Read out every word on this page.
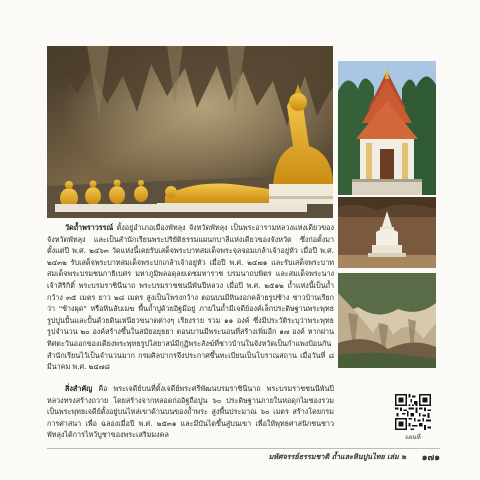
วัดถ้ำพราวรรณ์ ตั้งอยู่อำเภอเมืองพัทลุง จังหวัดพัทลุง เป็นพระอารามหลวงแห่งเดียวของจังหวัดพัทลุง และเป็นสำนักเรียนพระปริยัติธรรมแผนกบาลีแห่งเดียวของจังหวัด ซึ่งก่อตั้งมาตั้งแต่ปี พ.ศ. ๒๔๖๓ วัดแห่งนี้เคยรับเสด็จพระบาทสมเด็จพระจุลจอมเกล้าเจ้าอยู่หัว เมื่อปี พ.ศ. ๒๔๓๒ รับเสด็จพระบาทสมเด็จพระปกเกล้าเจ้าอยู่หัว เมื่อปี พ.ศ. ๒๔๗๑ และรับเสด็จพระบาทสมเด็จพระบรมชนกาธิเบศร มหาภูมิพลอดุลยเดชมหาราช บรมนาถบพิตร และสมเด็จพระนางเจ้าสิริกิติ์ พระบรมราชินีนาถ พระบรมราชชนนีพันปีหลวง เมื่อปี พ.ศ. ๒๕๑๒ ถ้ำแห่งนี้เป็นถ้ำกว้าง ๓๕ เมตร ยาว ๒๘ เมตร สูงเป็นโพรงกว้าง ตอนบนมีหินงอกคล้ายรูปช้าง ชาวบ้านเรียกว่า "ช้างผุด" หรือหินลับเมฆ พื้นถ้ำปูด้วยอิฐมีอยู่ ภายในถ้ำมีเจดีย์องค์เล็กประดิษฐานพระพุทธรูปปูนปั้นและปั้นด้วยดินเหนียวขนาดต่างๆ เรียงราย รวม ๑๑ องค์ ซึ่งมีประวัติระบุว่าพระพุทธรูปจำนวน ๒๐ องค์สร้างขึ้นในสมัยอยุธยา ตอนบานมีพระนอนที่สร้างเพิ่มอีก ๑๗ องค์ หากผ่านทิศตะวันออกของเดียงพระพุทธรูปไสยาสน์มีกุฏิพระสังฆ์ที่ชาวบ้านในจังหวัดเป็นกำแพงป้อนกันสำนักเรียนไว้เป็นจำนวนมาก กรมศิลปากรจึงประกาศขึ้นทะเบียนเป็นโบราณสถาน เมื่อวันที่ ๘ มีนาคม พ.ศ. ๒๔๗๘

สิ่งสำคัญ คือ พระเจดีย์บนที่ตั้งเจดีย์พระศรีพัฒนบรมราชินีนาถ พระบรมราชชนนีพันปีหลวงทรงสร้างถวาย โดยสร้างจากหลอดก่ออิฐถือปูน ๖๐ ประดิษฐานภายในหอดุกไมชองรวมเป็นพระพุทธเจดีย์ตั้งอยู่บนไหล่เขาด้านบนของถ้ำพระ สูงพื้นประมาณ ๖๐ เมตร สร้างโดยกรมการศาสนา เพื่อ ฉลองเมื่อปี พ.ศ. ๒๕๓๑ และมีบันไดขึ้นสู่บนเขา เพื่อให้พุทธศาสนิกชนชาวพัทลุงได้การไหว้บูชาของพระเสริมมงคล	แผนที่
มหัศจรรย์ธรรมชาติ ถ้ำและหินปูนไทย เล่ม ๒ ๑๗๑
